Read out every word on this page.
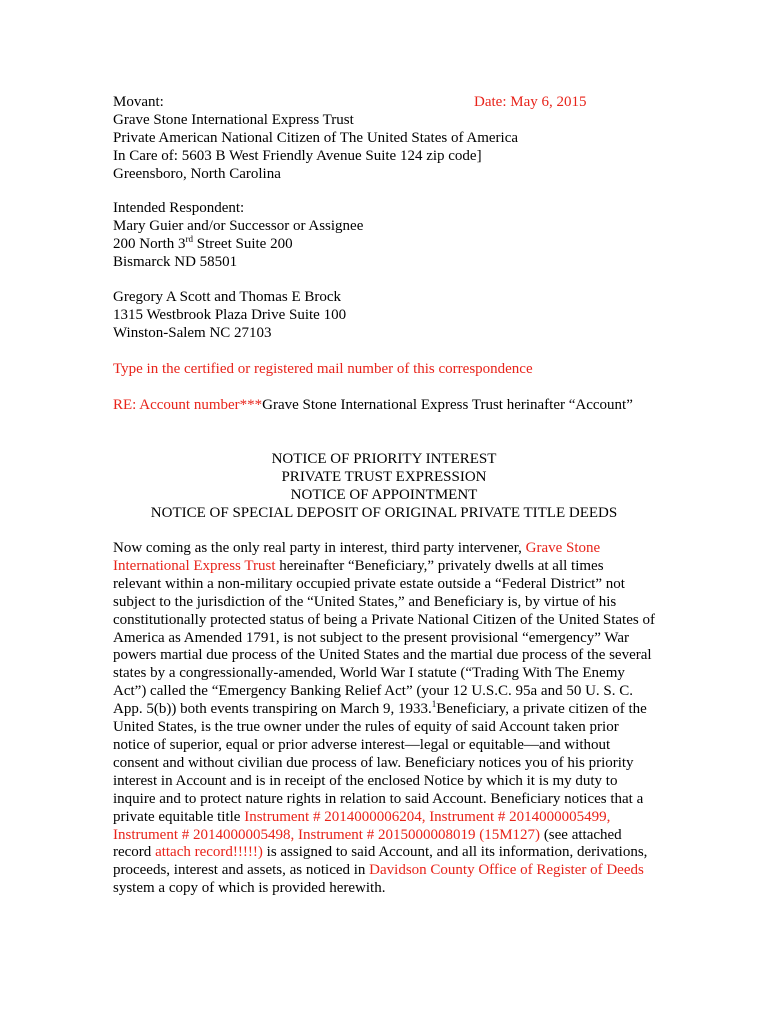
Date: May 6, 2015
Movant:
Grave Stone International Express Trust
Private American National Citizen of The United States of America
In Care of: 5603 B West Friendly Avenue Suite 124 zip code]
Greensboro, North Carolina
Intended Respondent:
Mary Guier and/or Successor or Assignee
200 North 3rd Street Suite 200
Bismarck ND 58501
Gregory A Scott and Thomas E Brock
1315 Westbrook Plaza Drive Suite 100
Winston-Salem NC 27103
Type in the certified or registered mail number of this correspondence
RE: Account number***Grave Stone International Express Trust herinafter “Account”
NOTICE OF PRIORITY INTEREST
PRIVATE TRUST EXPRESSION
NOTICE OF APPOINTMENT
NOTICE OF SPECIAL DEPOSIT OF ORIGINAL PRIVATE TITLE DEEDS
Now coming as the only real party in interest, third party intervener, Grave Stone International Express Trust hereinafter “Beneficiary,” privately dwells at all times relevant within a non-military occupied private estate outside a “Federal District” not subject to the jurisdiction of the “United States,” and Beneficiary is, by virtue of his constitutionally protected status of being a Private National Citizen of the United States of America as Amended 1791, is not subject to the present provisional “emergency” War powers martial due process of the United States and the martial due process of the several states by a congressionally-amended, World War I statute (“Trading With The Enemy Act”) called the “Emergency Banking Relief Act” (your 12 U.S.C. 95a and 50 U. S. C. App. 5(b)) both events transpiring on March 9, 1933.$^1$Beneficiary, a private citizen of the United States, is the true owner under the rules of equity of said Account taken prior notice of superior, equal or prior adverse interest—legal or equitable—and without consent and without civilian due process of law. Beneficiary notices you of his priority interest in Account and is in receipt of the enclosed Notice by which it is my duty to inquire and to protect nature rights in relation to said Account. Beneficiary notices that a private equitable title Instrument # 2014000006204, Instrument # 2014000005499, Instrument # 2014000005498, Instrument # 2015000008019 (15M127) (see attached record attach record!!!!!) is assigned to said Account, and all its information, derivations, proceeds, interest and assets, as noticed in Davidson County Office of Register of Deeds system a copy of which is provided herewith.
